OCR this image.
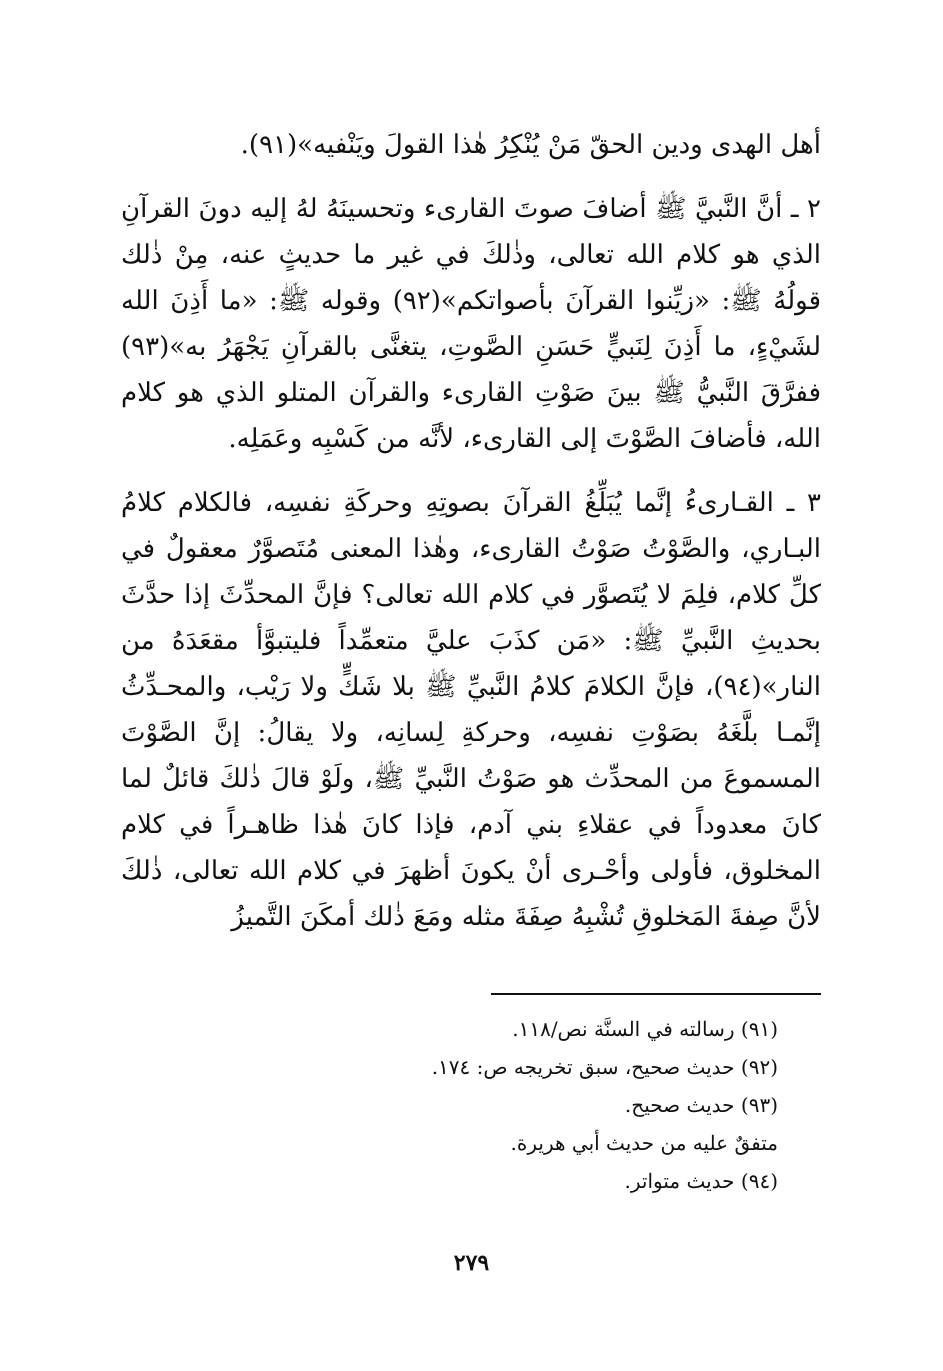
أهل الهدى ودين الحقّ مَنْ يُنْكِرُ هٰذا القولَ ويَنْفيه»(٩١).

٢ ـ أنَّ النَّبيَّ ﷺ أضافَ صوتَ القارىء وتحسينَهُ لهُ إليه دونَ القرآنِ الذي هو كلام الله تعالى، وذٰلكَ في غير ما حديثٍ عنه، مِنْ ذٰلك قولُهُ ﷺ: «زيِّنوا القرآنَ بأصواتكم»(٩٢) وقوله ﷺ: «ما أَذِنَ الله لشَيْءٍ، ما أَذِنَ لِنَبيٍّ حَسَنِ الصَّوتِ، يتغنَّى بالقرآنِ يَجْهَرُ به»(٩٣) ففرَّقَ النَّبيُّ ﷺ بينَ صَوْتِ القارىء والقرآن المتلو الذي هو كلام الله، فأضافَ الصَّوْتَ إلى القارىء، لأنَّه من كَسْبِه وعَمَلِه.

٣ ـ القـارىءُ إنَّما يُبَلِّغُ القرآنَ بصوتِهِ وحركَةِ نفسِه، فالكلام كلامُ البـاري، والصَّوْتُ صَوْتُ القارىء، وهٰذا المعنى مُتَصوَّرٌ معقولٌ في كلِّ كلام، فلِمَ لا يُتَصوَّر في كلام الله تعالى؟ فإنَّ المحدِّثَ إذا حدَّثَ بحديثِ النَّبيِّ ﷺ: «مَن كذَبَ عليَّ متعمِّداً فليتبوَّأ مقعَدَهُ من النار»(٩٤)، فإنَّ الكلامَ كلامُ النَّبيِّ ﷺ بلا شَكٍّ ولا رَيْب، والمحـدِّثُ إنَّمـا بلَّغَهُ بصَوْتِ نفسِه، وحركةِ لِسانِه، ولا يقالُ: إنَّ الصَّوْتَ المسموعَ من المحدِّث هو صَوْتُ النَّبيِّ ﷺ، ولَوْ قالَ ذٰلكَ قائلٌ لما كانَ معدوداً في عقلاءِ بني آدم، فإذا كانَ هٰذا ظاهـراً في كلام المخلوق، فأولى وأحْـرى أنْ يكونَ أظهرَ في كلام الله تعالى، ذٰلكَ لأنَّ صِفةَ المَخلوقِ تُشْبِهُ صِفَةَ مثله ومَعَ ذٰلك أمكَنَ التَّميزُ

(٩١) رسالته في السنَّة نص/١١٨.
(٩٢) حديث صحيح، سبق تخريجه ص: ١٧٤.
(٩٣) حديث صحيح.
متفقٌ عليه من حديث أبي هريرة.
(٩٤) حديث متواتر.
٢٧٩
